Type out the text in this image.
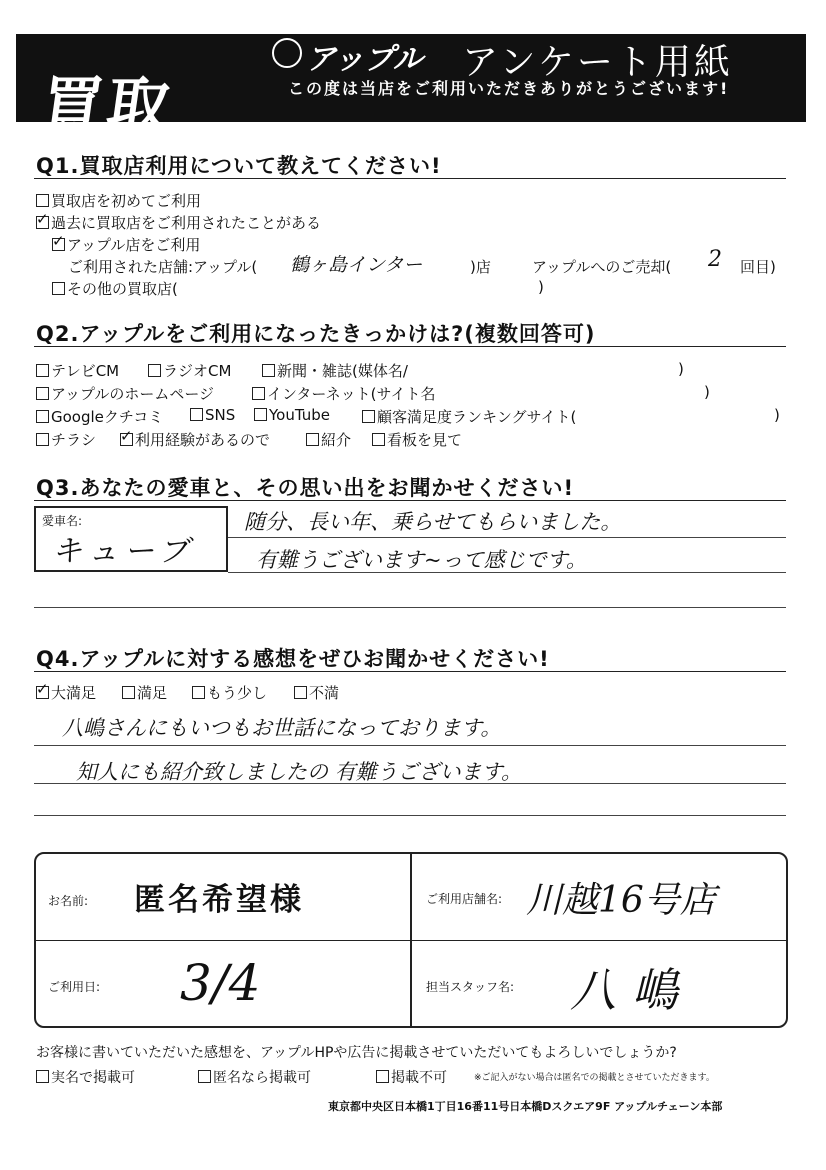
買取
アップル アンケート用紙
この度は当店をご利用いただきありがとうございます!
Q1.買取店利用について教えてください!
買取店を初めてご利用
✓過去に買取店をご利用されたことがある
✓アップル店をご利用
ご利用された店舗:アップル( 鶴ヶ島インター	)店	アップルへのご売却( 2 回目)
その他の買取店(	)
Q2.アップルをご利用になったきっかけは?(複数回答可)
テレビCM	ラジオCM	新聞・雑誌(媒体名/	)
アップルのホームページ	インターネット(サイト名	)
Googleクチコミ	SNS	YouTube	顧客満足度ランキングサイト(	)
チラシ
✓	利用経験があるので	紹介	看板を見て
Q3.あなたの愛車と、その思い出をお聞かせください!
愛車名:
キューブ
随分、長い年、乗らせてもらいました。
有難うございます~って感じです。
Q4.アップルに対する感想をぜひお聞かせください!
✓大満足	満足	もう少し	不満
八嶋さんにもいつもお世話になっております。
知人にも紹介致しましたの 有難うございます。
お名前: 匿名希望様	ご利用店舗名: 川越16号店
ご利用日: 3/4	担当スタッフ名: 八嶋
お客様に書いていただいた感想を、アップルHPや広告に掲載させていただいてもよろしいでしょうか?
実名で掲載可	匿名なら掲載可	掲載不可	※ご記入がない場合は匿名での掲載とさせていただきます。
東京都中央区日本橋1丁目16番11号日本橋Dスクエア9F アップルチェーン本部
